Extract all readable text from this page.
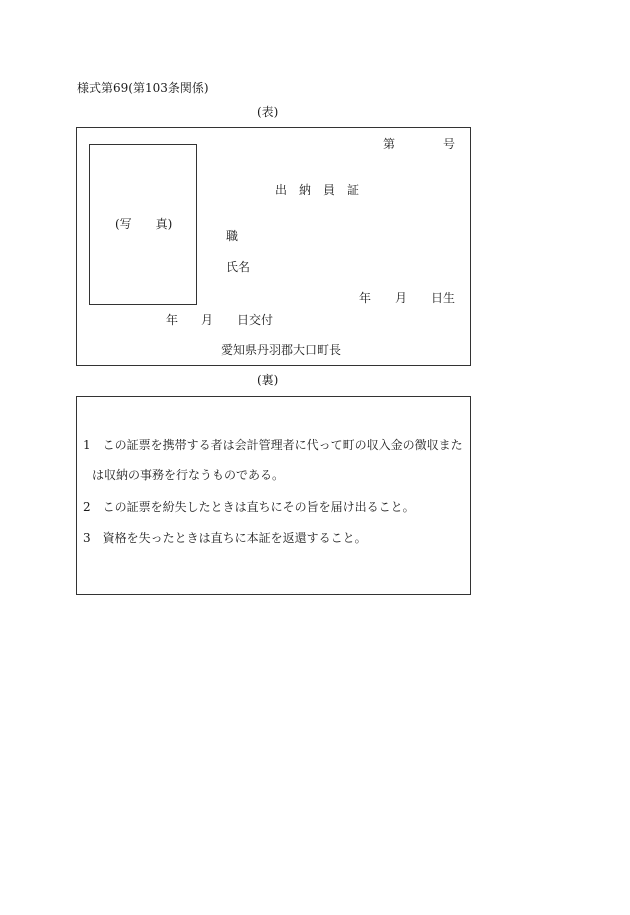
様式第69(第103条関係)
(表)
第	号
出　納　員　証
(写　　真)
職
氏名
年 月 日生
年 月 日交付
愛知県丹羽郡大口町長
(裏)
1　この証票を携帯する者は会計管理者に代って町の収入金の徴収また
は収納の事務を行なうものである。
2　この証票を紛失したときは直ちにその旨を届け出ること。
3　資格を失ったときは直ちに本証を返還すること。
